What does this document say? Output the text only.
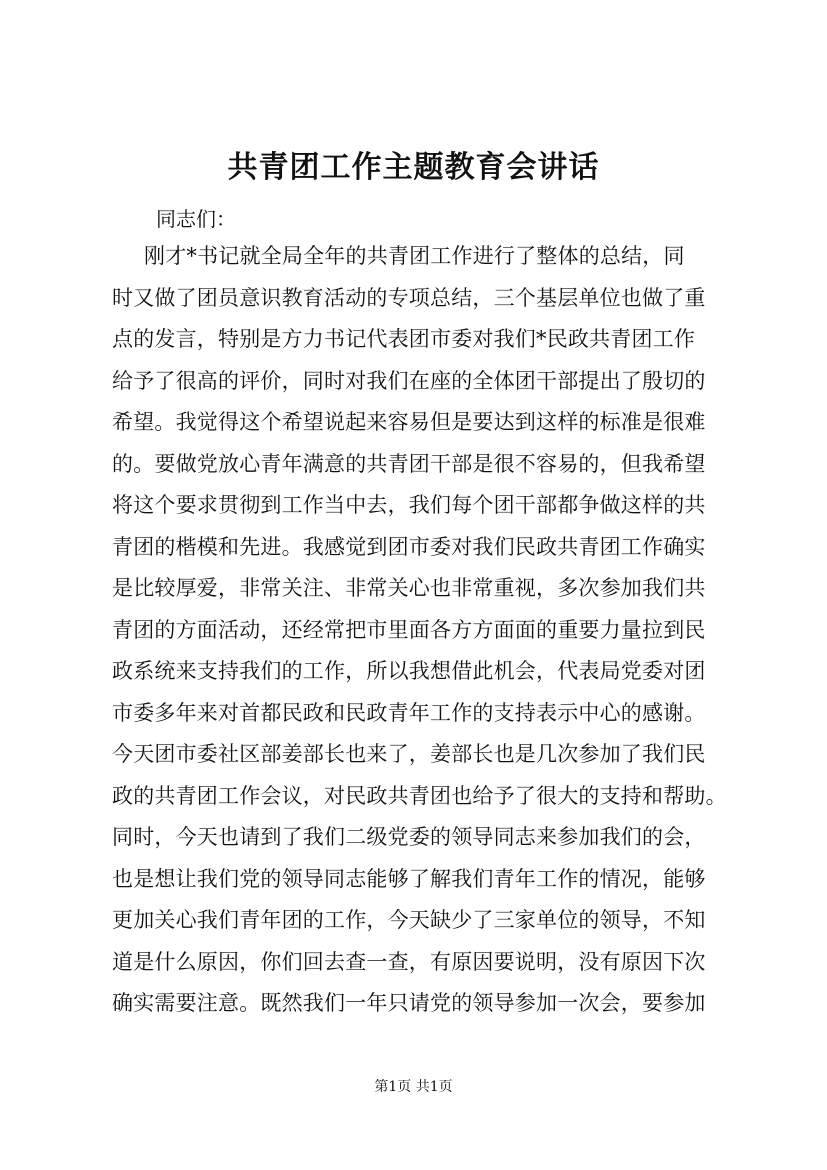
共青团工作主题教育会讲话
同志们：
刚才*书记就全局全年的共青团工作进行了整体的总结，同
时又做了团员意识教育活动的专项总结，三个基层单位也做了重
点的发言，特别是方力书记代表团市委对我们*民政共青团工作
给予了很高的评价，同时对我们在座的全体团干部提出了殷切的
希望。我觉得这个希望说起来容易但是要达到这样的标准是很难
的。要做党放心青年满意的共青团干部是很不容易的，但我希望
将这个要求贯彻到工作当中去，我们每个团干部都争做这样的共
青团的楷模和先进。我感觉到团市委对我们民政共青团工作确实
是比较厚爱，非常关注、非常关心也非常重视，多次参加我们共
青团的方面活动，还经常把市里面各方方面面的重要力量拉到民
政系统来支持我们的工作，所以我想借此机会，代表局党委对团
市委多年来对首都民政和民政青年工作的支持表示中心的感谢。
今天团市委社区部姜部长也来了，姜部长也是几次参加了我们民
政的共青团工作会议，对民政共青团也给予了很大的支持和帮助。
同时，今天也请到了我们二级党委的领导同志来参加我们的会，
也是想让我们党的领导同志能够了解我们青年工作的情况，能够
更加关心我们青年团的工作，今天缺少了三家单位的领导，不知
道是什么原因，你们回去查一查，有原因要说明，没有原因下次
确实需要注意。既然我们一年只请党的领导参加一次会，要参加
第1页 共1页
